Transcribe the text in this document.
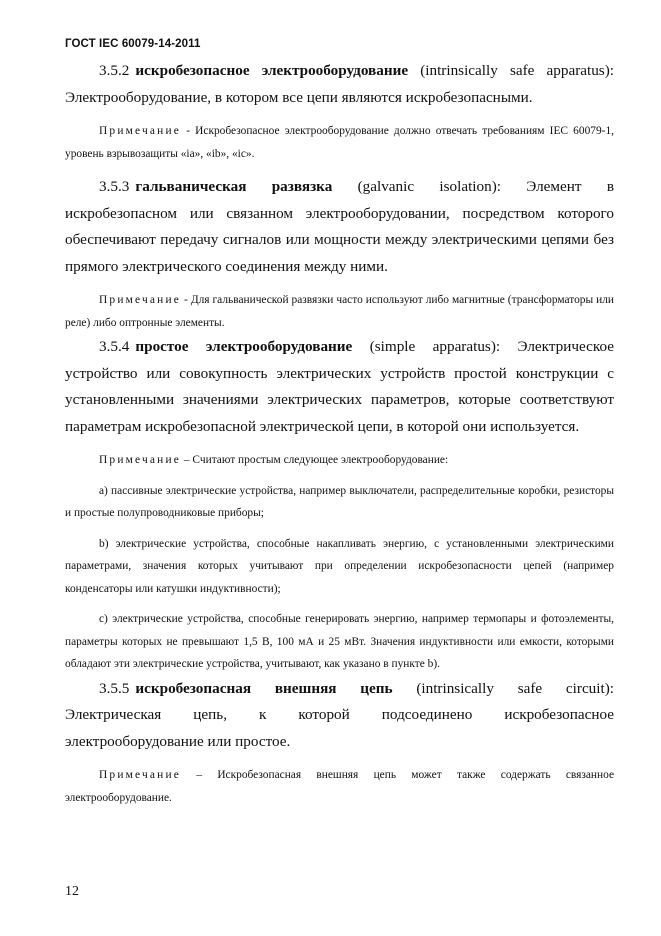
ГОСТ IEC 60079-14-2011

3.5.2 искробезопасное электрооборудование (intrinsically safe apparatus): Электрооборудование, в котором все цепи являются искробезопасными.

Примечание - Искробезопасное электрооборудование должно отвечать требованиям IEC 60079-1, уровень взрывозащиты «ia», «ib», «ic».

3.5.3 гальваническая развязка (galvanic isolation): Элемент в искробезопасном или связанном электрооборудовании, посредством которого обеспечивают передачу сигналов или мощности между электрическими цепями без прямого электрического соединения между ними.

Примечание - Для гальванической развязки часто используют либо магнитные (трансформаторы или реле) либо оптронные элементы.

3.5.4 простое электрооборудование (simple apparatus): Электрическое устройство или совокупность электрических устройств простой конструкции с установленными значениями электрических параметров, которые соответствуют параметрам искробезопасной электрической цепи, в которой они используется.

Примечание – Считают простым следующее электрооборудование:

a) пассивные электрические устройства, например выключатели, распределительные коробки, резисторы и простые полупроводниковые приборы;

b) электрические устройства, способные накапливать энергию, с установленными электрическими параметрами, значения которых учитывают при определении искробезопасности цепей (например конденсаторы или катушки индуктивности);

c) электрические устройства, способные генерировать энергию, например термопары и фотоэлементы, параметры которых не превышают 1,5 В, 100 мА и 25 мВт. Значения индуктивности или емкости, которыми обладают эти электрические устройства, учитывают, как указано в пункте b).

3.5.5 искробезопасная внешняя цепь (intrinsically safe circuit): Электрическая цепь, к которой подсоединено искробезопасное электрооборудование или простое.

Примечание – Искробезопасная внешняя цепь может также содержать связанное электрооборудование.

12
